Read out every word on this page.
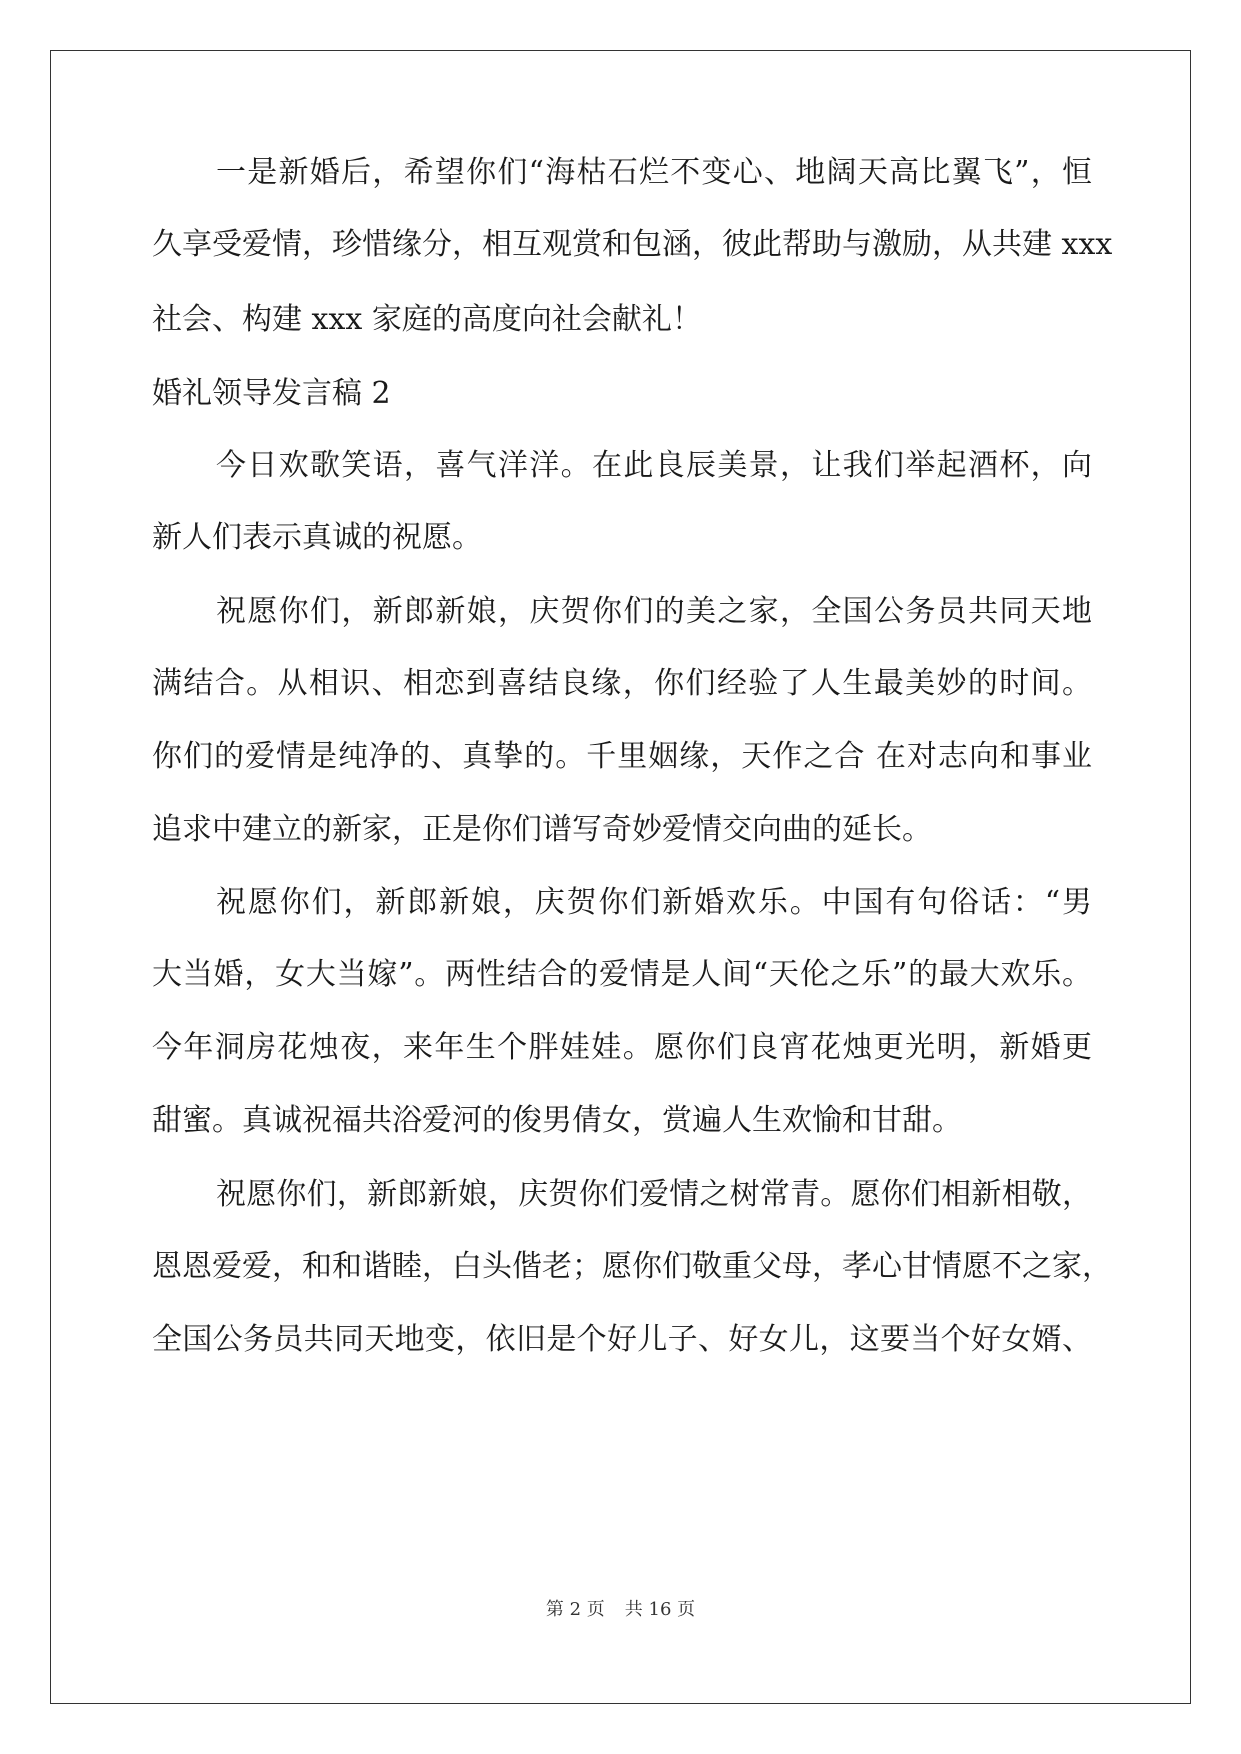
一是新婚后，希望你们“海枯石烂不变心、地阔天高比翼飞”，恒
久享受爱情，珍惜缘分，相互观赏和包涵，彼此帮助与激励，从共建 xxx
社会、构建 xxx 家庭的高度向社会献礼！
婚礼领导发言稿 2
今日欢歌笑语，喜气洋洋。在此良辰美景，让我们举起酒杯，向
新人们表示真诚的祝愿。
祝愿你们，新郎新娘，庆贺你们的美之家，全国公务员共同天地
满结合。从相识、相恋到喜结良缘，你们经验了人生最美妙的时间。
你们的爱情是纯净的、真挚的。千里姻缘，天作之合 在对志向和事业
追求中建立的新家，正是你们谱写奇妙爱情交向曲的延长。
祝愿你们，新郎新娘，庆贺你们新婚欢乐。中国有句俗话：“男
大当婚，女大当嫁”。两性结合的爱情是人间“天伦之乐”的最大欢乐。
今年洞房花烛夜，来年生个胖娃娃。愿你们良宵花烛更光明，新婚更
甜蜜。真诚祝福共浴爱河的俊男倩女，赏遍人生欢愉和甘甜。
祝愿你们，新郎新娘，庆贺你们爱情之树常青。愿你们相新相敬，
恩恩爱爱，和和谐睦，白头偕老；愿你们敬重父母，孝心甘情愿不之家，
全国公务员共同天地变，依旧是个好儿子、好女儿，这要当个好女婿、
第 2 页 共 16 页
